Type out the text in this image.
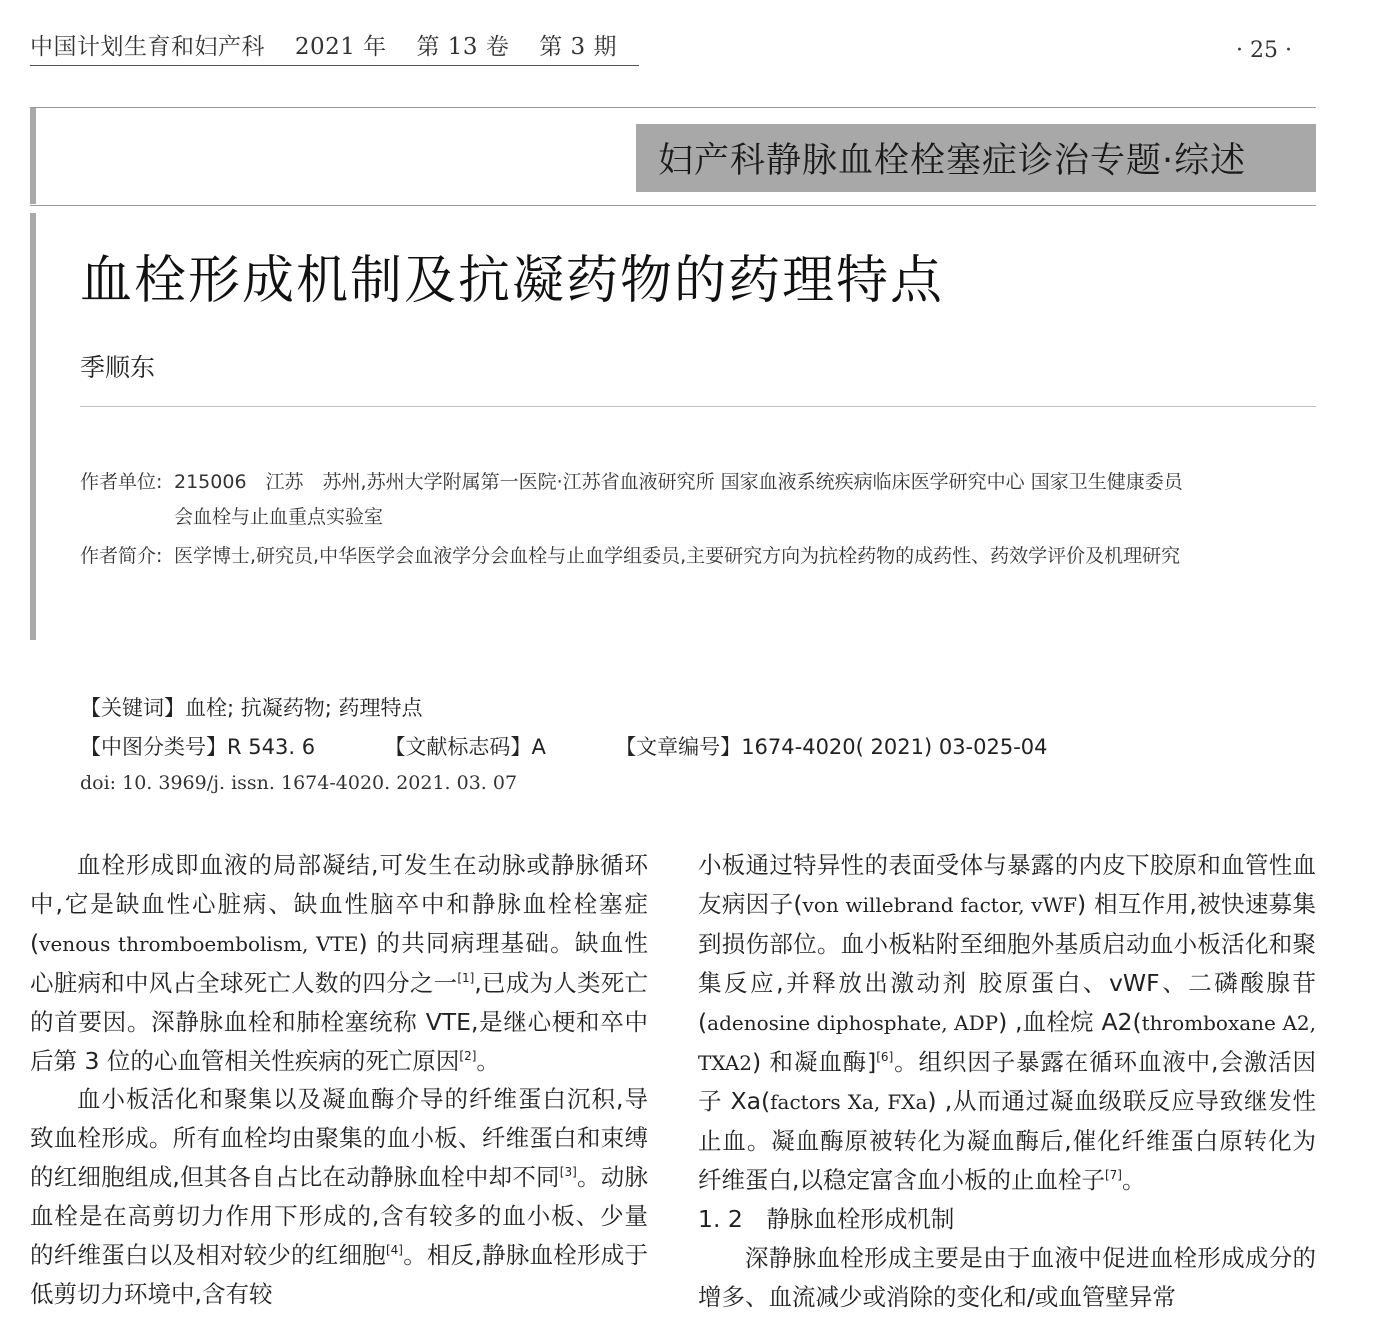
中国计划生育和妇产科 2021 年 第 13 卷 第 3 期	· 25 ·
妇产科静脉血栓栓塞症诊治专题·综述
血栓形成机制及抗凝药物的药理特点
季顺东
作者单位: 215006　江苏　苏州,苏州大学附属第一医院·江苏省血液研究所 国家血液系统疾病临床医学研究中心 国家卫生健康委员会血栓与止血重点实验室
作者简介: 医学博士,研究员,中华医学会血液学分会血栓与止血学组委员,主要研究方向为抗栓药物的成药性、药效学评价及机理研究
【关键词】血栓; 抗凝药物; 药理特点
【中图分类号】R 543. 6	【文献标志码】A	【文章编号】1674-4020( 2021) 03-025-04
doi: 10. 3969/j. issn. 1674-4020. 2021. 03. 07

血栓形成即血液的局部凝结,可发生在动脉或静脉循环中,它是缺血性心脏病、缺血性脑卒中和静脉血栓栓塞症(venous thromboembolism, VTE) 的共同病理基础。缺血性心脏病和中风占全球死亡人数的四分之一[1],已成为人类死亡的首要因。深静脉血栓和肺栓塞统称 VTE,是继心梗和卒中后第 3 位的心血管相关性疾病的死亡原因[2]。

血小板活化和聚集以及凝血酶介导的纤维蛋白沉积,导致血栓形成。所有血栓均由聚集的血小板、纤维蛋白和束缚的红细胞组成,但其各自占比在动静脉血栓中却不同[3]。动脉血栓是在高剪切力作用下形成的,含有较多的血小板、少量的纤维蛋白以及相对较少的红细胞[4]。相反,静脉血栓形成于低剪切力环境中,含有较

小板通过特异性的表面受体与暴露的内皮下胶原和血管性血友病因子(von willebrand factor, vWF) 相互作用,被快速募集到损伤部位。血小板粘附至细胞外基质启动血小板活化和聚集反应,并释放出激动剂 胶原蛋白、vWF、二磷酸腺苷(adenosine diphosphate, ADP) ,血栓烷 A2(thromboxane A2, TXA2) 和凝血酶][6]。组织因子暴露在循环血液中,会激活因子 Xa(factors Xa, FXa) ,从而通过凝血级联反应导致继发性止血。凝血酶原被转化为凝血酶后,催化纤维蛋白原转化为纤维蛋白,以稳定富含血小板的止血栓子[7]。

1. 2　静脉血栓形成机制

深静脉血栓形成主要是由于血液中促进血栓形成成分的增多、血流减少或消除的变化和/或血管壁异常
